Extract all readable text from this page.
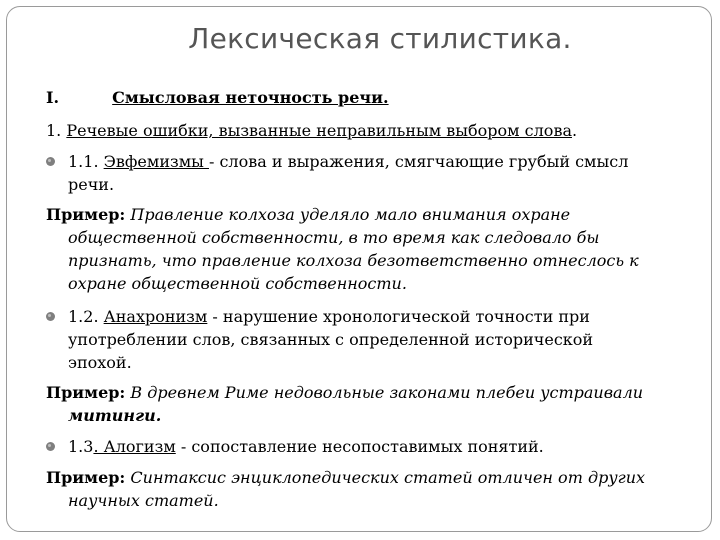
Лексическая стилистика.
I.	Смысловая неточность речи.
1. Речевые ошибки, вызванные неправильным выбором слова.
1.1. Эвфемизмы - слова и выражения, смягчающие грубый смысл
речи.
Пример: Правление колхоза уделяло мало внимания охране
общественной собственности, в то время как следовало бы
признать, что правление колхоза безответственно отнеслось к
охране общественной собственности.
1.2. Анахронизм - нарушение хронологической точности при
употреблении слов, связанных с определенной исторической
эпохой.
Пример: В древнем Риме недовольные законами плебеи устраивали
митинги.
1.3. Алогизм - сопоставление несопоставимых понятий.
Пример: Синтаксис энциклопедических статей отличен от других
научных статей.
